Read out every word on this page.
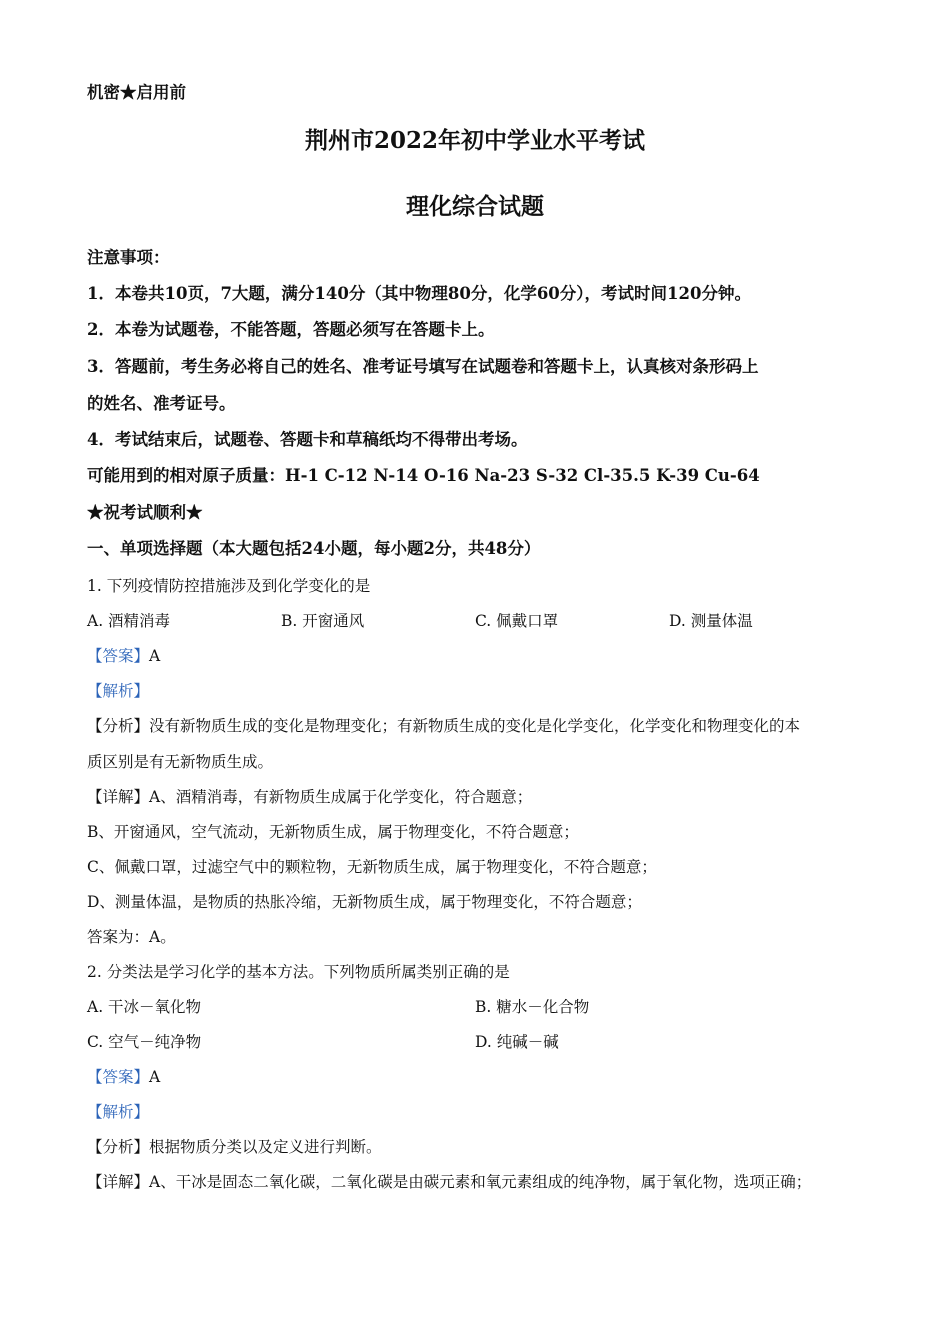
机密★启用前
荆州市2022年初中学业水平考试
理化综合试题
注意事项：
1．本卷共10页，7大题，满分140分（其中物理80分，化学60分），考试时间120分钟。
2．本卷为试题卷，不能答题，答题必须写在答题卡上。
3．答题前，考生务必将自己的姓名、准考证号填写在试题卷和答题卡上，认真核对条形码上
的姓名、准考证号。
4．考试结束后，试题卷、答题卡和草稿纸均不得带出考场。
可能用到的相对原子质量：H-1 C-12 N-14 O-16 Na-23 S-32 Cl-35.5 K-39 Cu-64
★祝考试顺利★
一、单项选择题（本大题包括24小题，每小题2分，共48分）
1. 下列疫情防控措施涉及到化学变化的是
A. 酒精消毒	B. 开窗通风	C. 佩戴口罩	D. 测量体温
【答案】A
【解析】
【分析】没有新物质生成的变化是物理变化；有新物质生成的变化是化学变化，化学变化和物理变化的本
质区别是有无新物质生成。
【详解】A、酒精消毒，有新物质生成属于化学变化，符合题意；
B、开窗通风，空气流动，无新物质生成，属于物理变化，不符合题意；
C、佩戴口罩，过滤空气中的颗粒物，无新物质生成，属于物理变化，不符合题意；
D、测量体温，是物质的热胀冷缩，无新物质生成，属于物理变化，不符合题意；
答案为：A。
2. 分类法是学习化学的基本方法。下列物质所属类别正确的是
A. 干冰－氧化物	B. 糖水－化合物
C. 空气－纯净物	D. 纯碱－碱
【答案】A
【解析】
【分析】根据物质分类以及定义进行判断。
【详解】A、干冰是固态二氧化碳，二氧化碳是由碳元素和氧元素组成的纯净物，属于氧化物，选项正确；
